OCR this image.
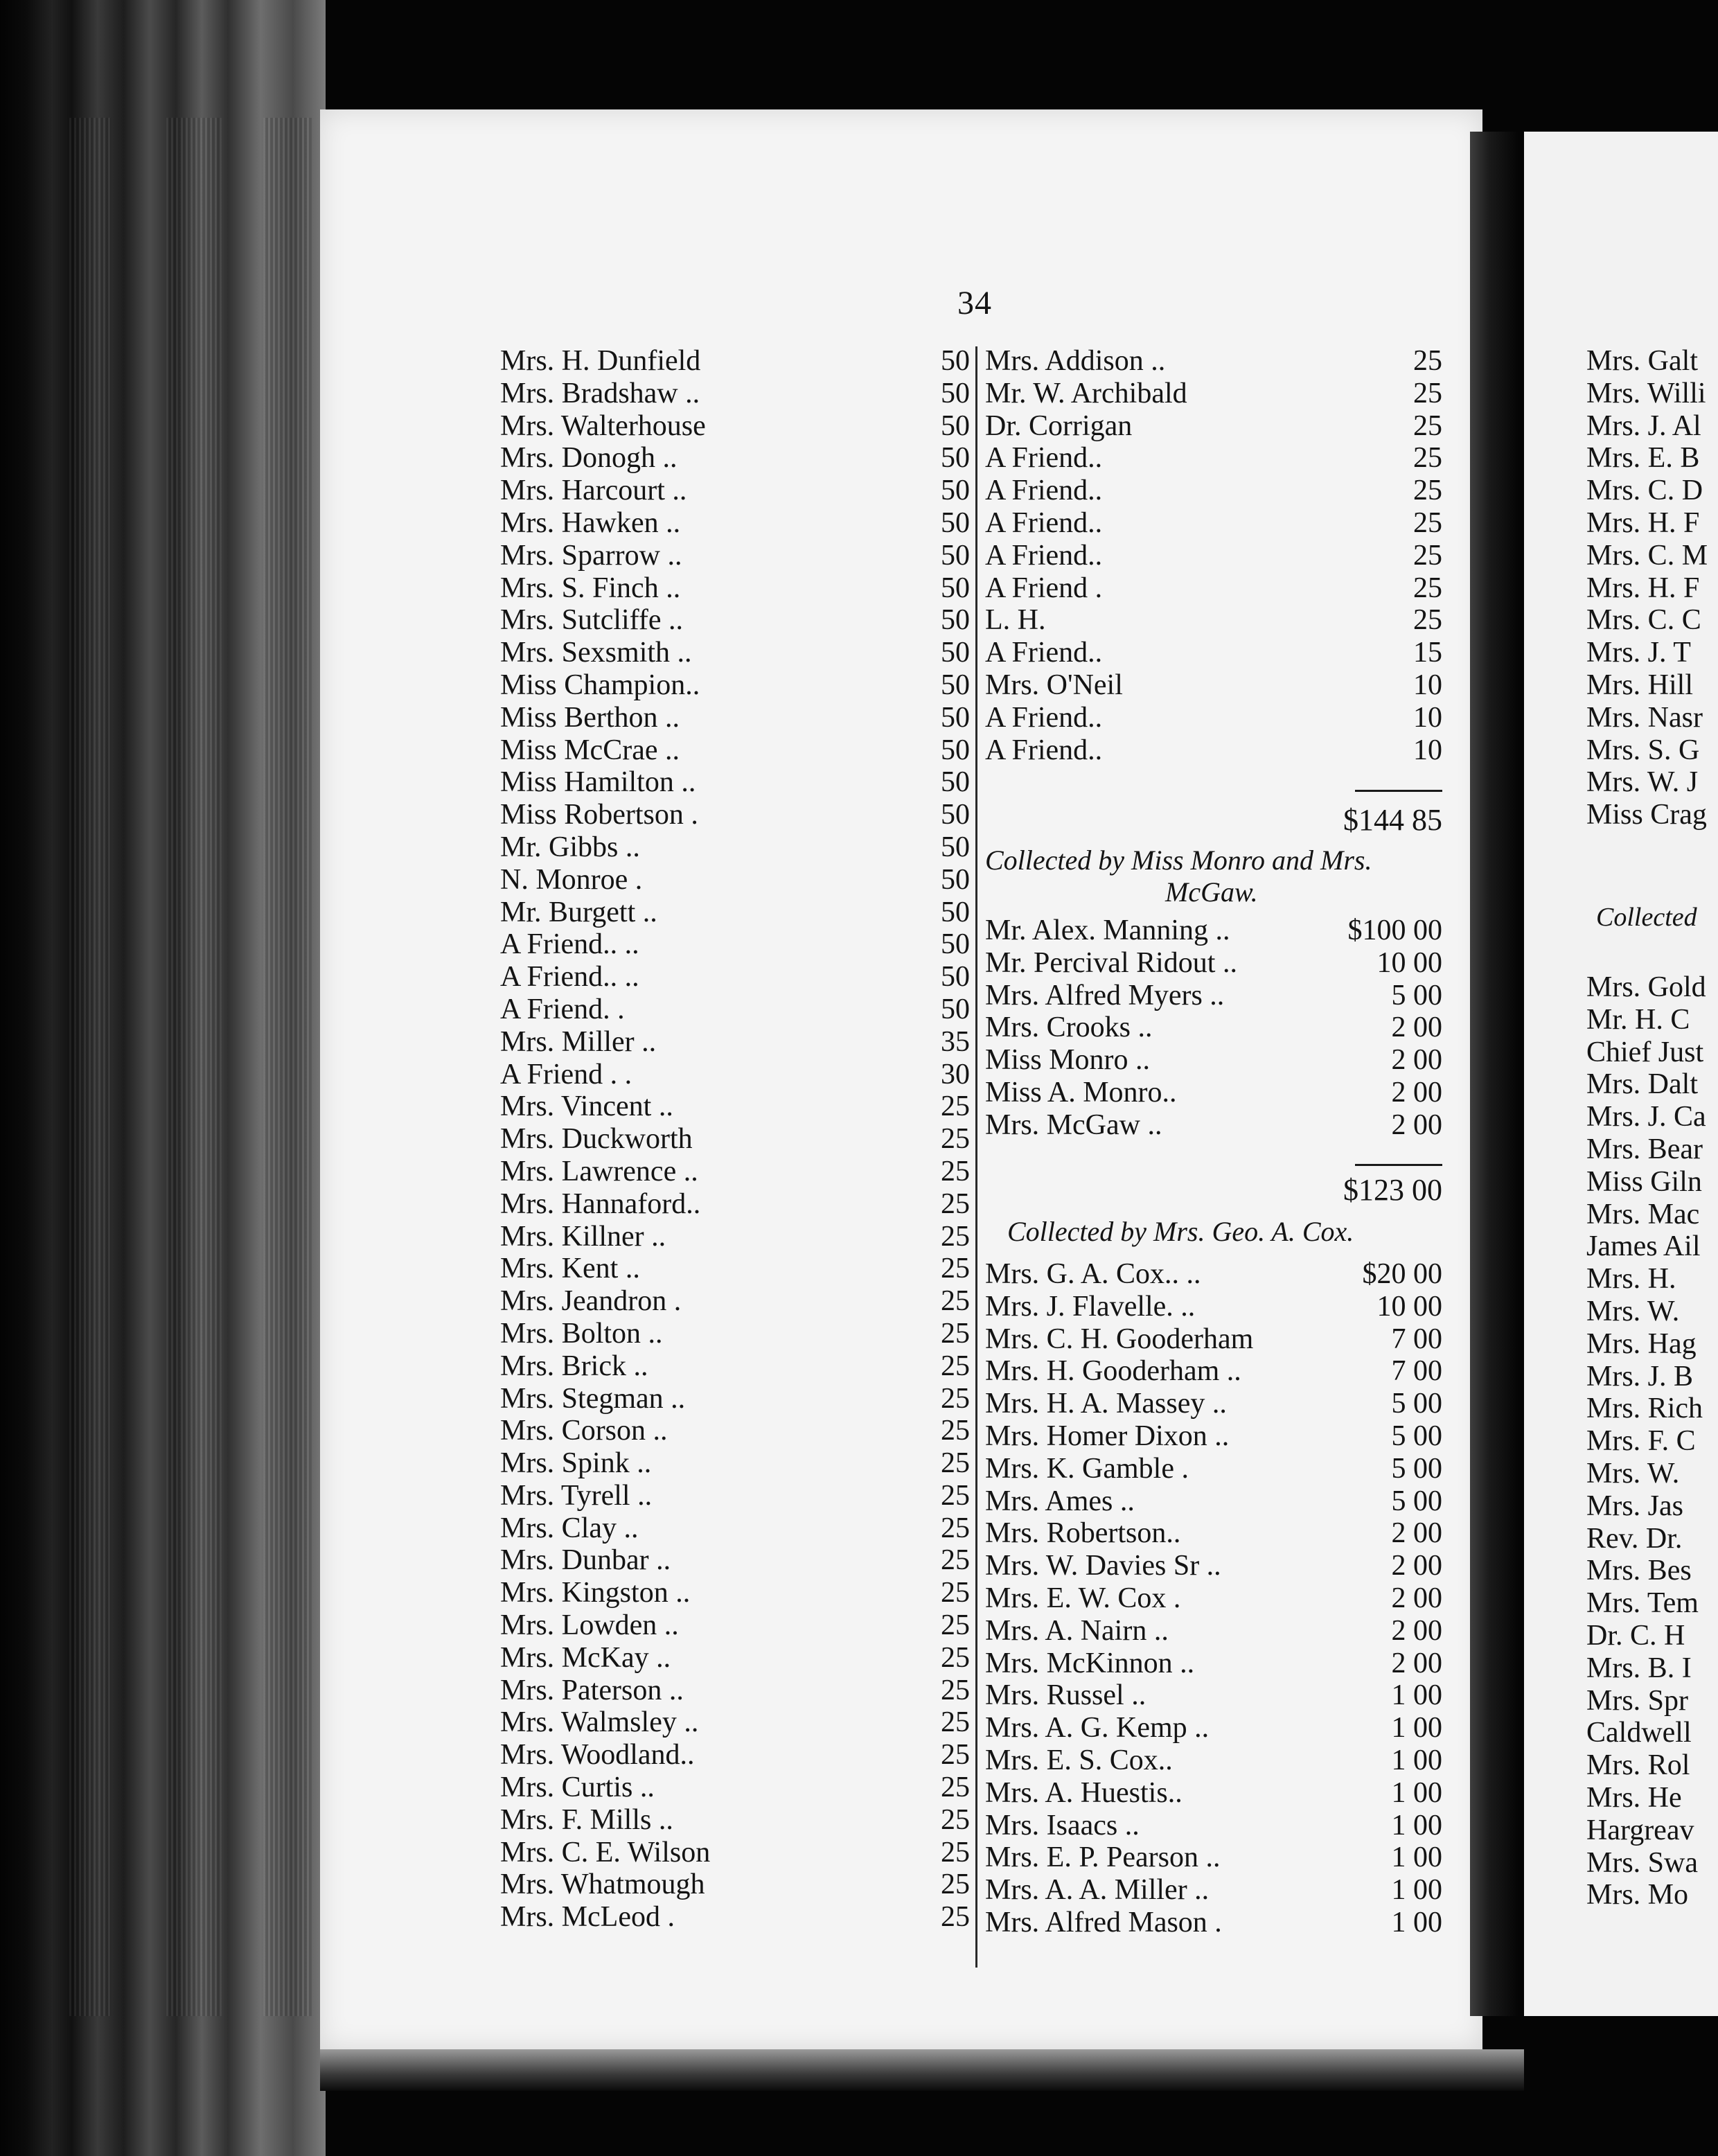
34
Mrs. H. Dunfield	50
Mrs. Bradshaw ..	50
Mrs. Walterhouse	50
Mrs. Donogh ..	50
Mrs. Harcourt ..	50
Mrs. Hawken ..	50
Mrs. Sparrow ..	50
Mrs. S. Finch ..	50
Mrs. Sutcliffe ..	50
Mrs. Sexsmith ..	50
Miss Champion..	50
Miss Berthon ..	50
Miss McCrae ..	50
Miss Hamilton ..	50
Miss Robertson .	50
Mr. Gibbs ..	50
N. Monroe .	50
Mr. Burgett ..	50
A Friend.. ..	50
A Friend.. ..	50
A Friend. .	50
Mrs. Miller ..	35
A Friend . .	30
Mrs. Vincent ..	25
Mrs. Duckworth	25
Mrs. Lawrence ..	25
Mrs. Hannaford..	25
Mrs. Killner ..	25
Mrs. Kent ..	25
Mrs. Jeandron .	25
Mrs. Bolton ..	25
Mrs. Brick ..	25
Mrs. Stegman ..	25
Mrs. Corson ..	25
Mrs. Spink ..	25
Mrs. Tyrell ..	25
Mrs. Clay ..	25
Mrs. Dunbar ..	25
Mrs. Kingston ..	25
Mrs. Lowden ..	25
Mrs. McKay ..	25
Mrs. Paterson ..	25
Mrs. Walmsley ..	25
Mrs. Woodland..	25
Mrs. Curtis ..	25
Mrs. F. Mills ..	25
Mrs. C. E. Wilson	25
Mrs. Whatmough	25
Mrs. McLeod .	25
Mrs. Addison ..	25
Mr. W. Archibald	25
Dr. Corrigan	25
A Friend..	25
A Friend..	25
A Friend..	25
A Friend..	25
A Friend .	25
L. H.	25
A Friend..	15
Mrs. O'Neil	10
A Friend..	10
A Friend..	10
$144 85
Collected by Miss Monro and Mrs.
McGaw.
Mr. Alex. Manning ..	$100 00
Mr. Percival Ridout ..	10 00
Mrs. Alfred Myers ..	5 00
Mrs. Crooks ..	2 00
Miss Monro ..	2 00
Miss A. Monro..	2 00
Mrs. McGaw ..	2 00
$123 00
Collected by Mrs. Geo. A. Cox.
Mrs. G. A. Cox.. ..	$20 00
Mrs. J. Flavelle. ..	10 00
Mrs. C. H. Gooderham	7 00
Mrs. H. Gooderham ..	7 00
Mrs. H. A. Massey ..	5 00
Mrs. Homer Dixon ..	5 00
Mrs. K. Gamble .	5 00
Mrs. Ames ..	5 00
Mrs. Robertson..	2 00
Mrs. W. Davies Sr ..	2 00
Mrs. E. W. Cox .	2 00
Mrs. A. Nairn ..	2 00
Mrs. McKinnon ..	2 00
Mrs. Russel ..	1 00
Mrs. A. G. Kemp ..	1 00
Mrs. E. S. Cox..	1 00
Mrs. A. Huestis..	1 00
Mrs. Isaacs ..	1 00
Mrs. E. P. Pearson ..	1 00
Mrs. A. A. Miller ..	1 00
Mrs. Alfred Mason .	1 00
Mrs. Galt
Mrs. Willi
Mrs. J. Al
Mrs. E. B
Mrs. C. D
Mrs. H. F
Mrs. C. M
Mrs. H. F
Mrs. C. C
Mrs. J. T
Mrs. Hill
Mrs. Nasr
Mrs. S. G
Mrs. W. J
Miss Crag
Collected
Mrs. Gold
Mr. H. C
Chief Just
Mrs. Dalt
Mrs. J. Ca
Mrs. Bear
Miss Giln
Mrs. Mac
James Ail
Mrs. H.
Mrs. W.
Mrs. Hag
Mrs. J. B
Mrs. Rich
Mrs. F. C
Mrs. W.
Mrs. Jas
Rev. Dr.
Mrs. Bes
Mrs. Tem
Dr. C. H
Mrs. B. I
Mrs. Spr
Caldwell
Mrs. Rol
Mrs. He
Hargreav
Mrs. Swa
Mrs. Mo
